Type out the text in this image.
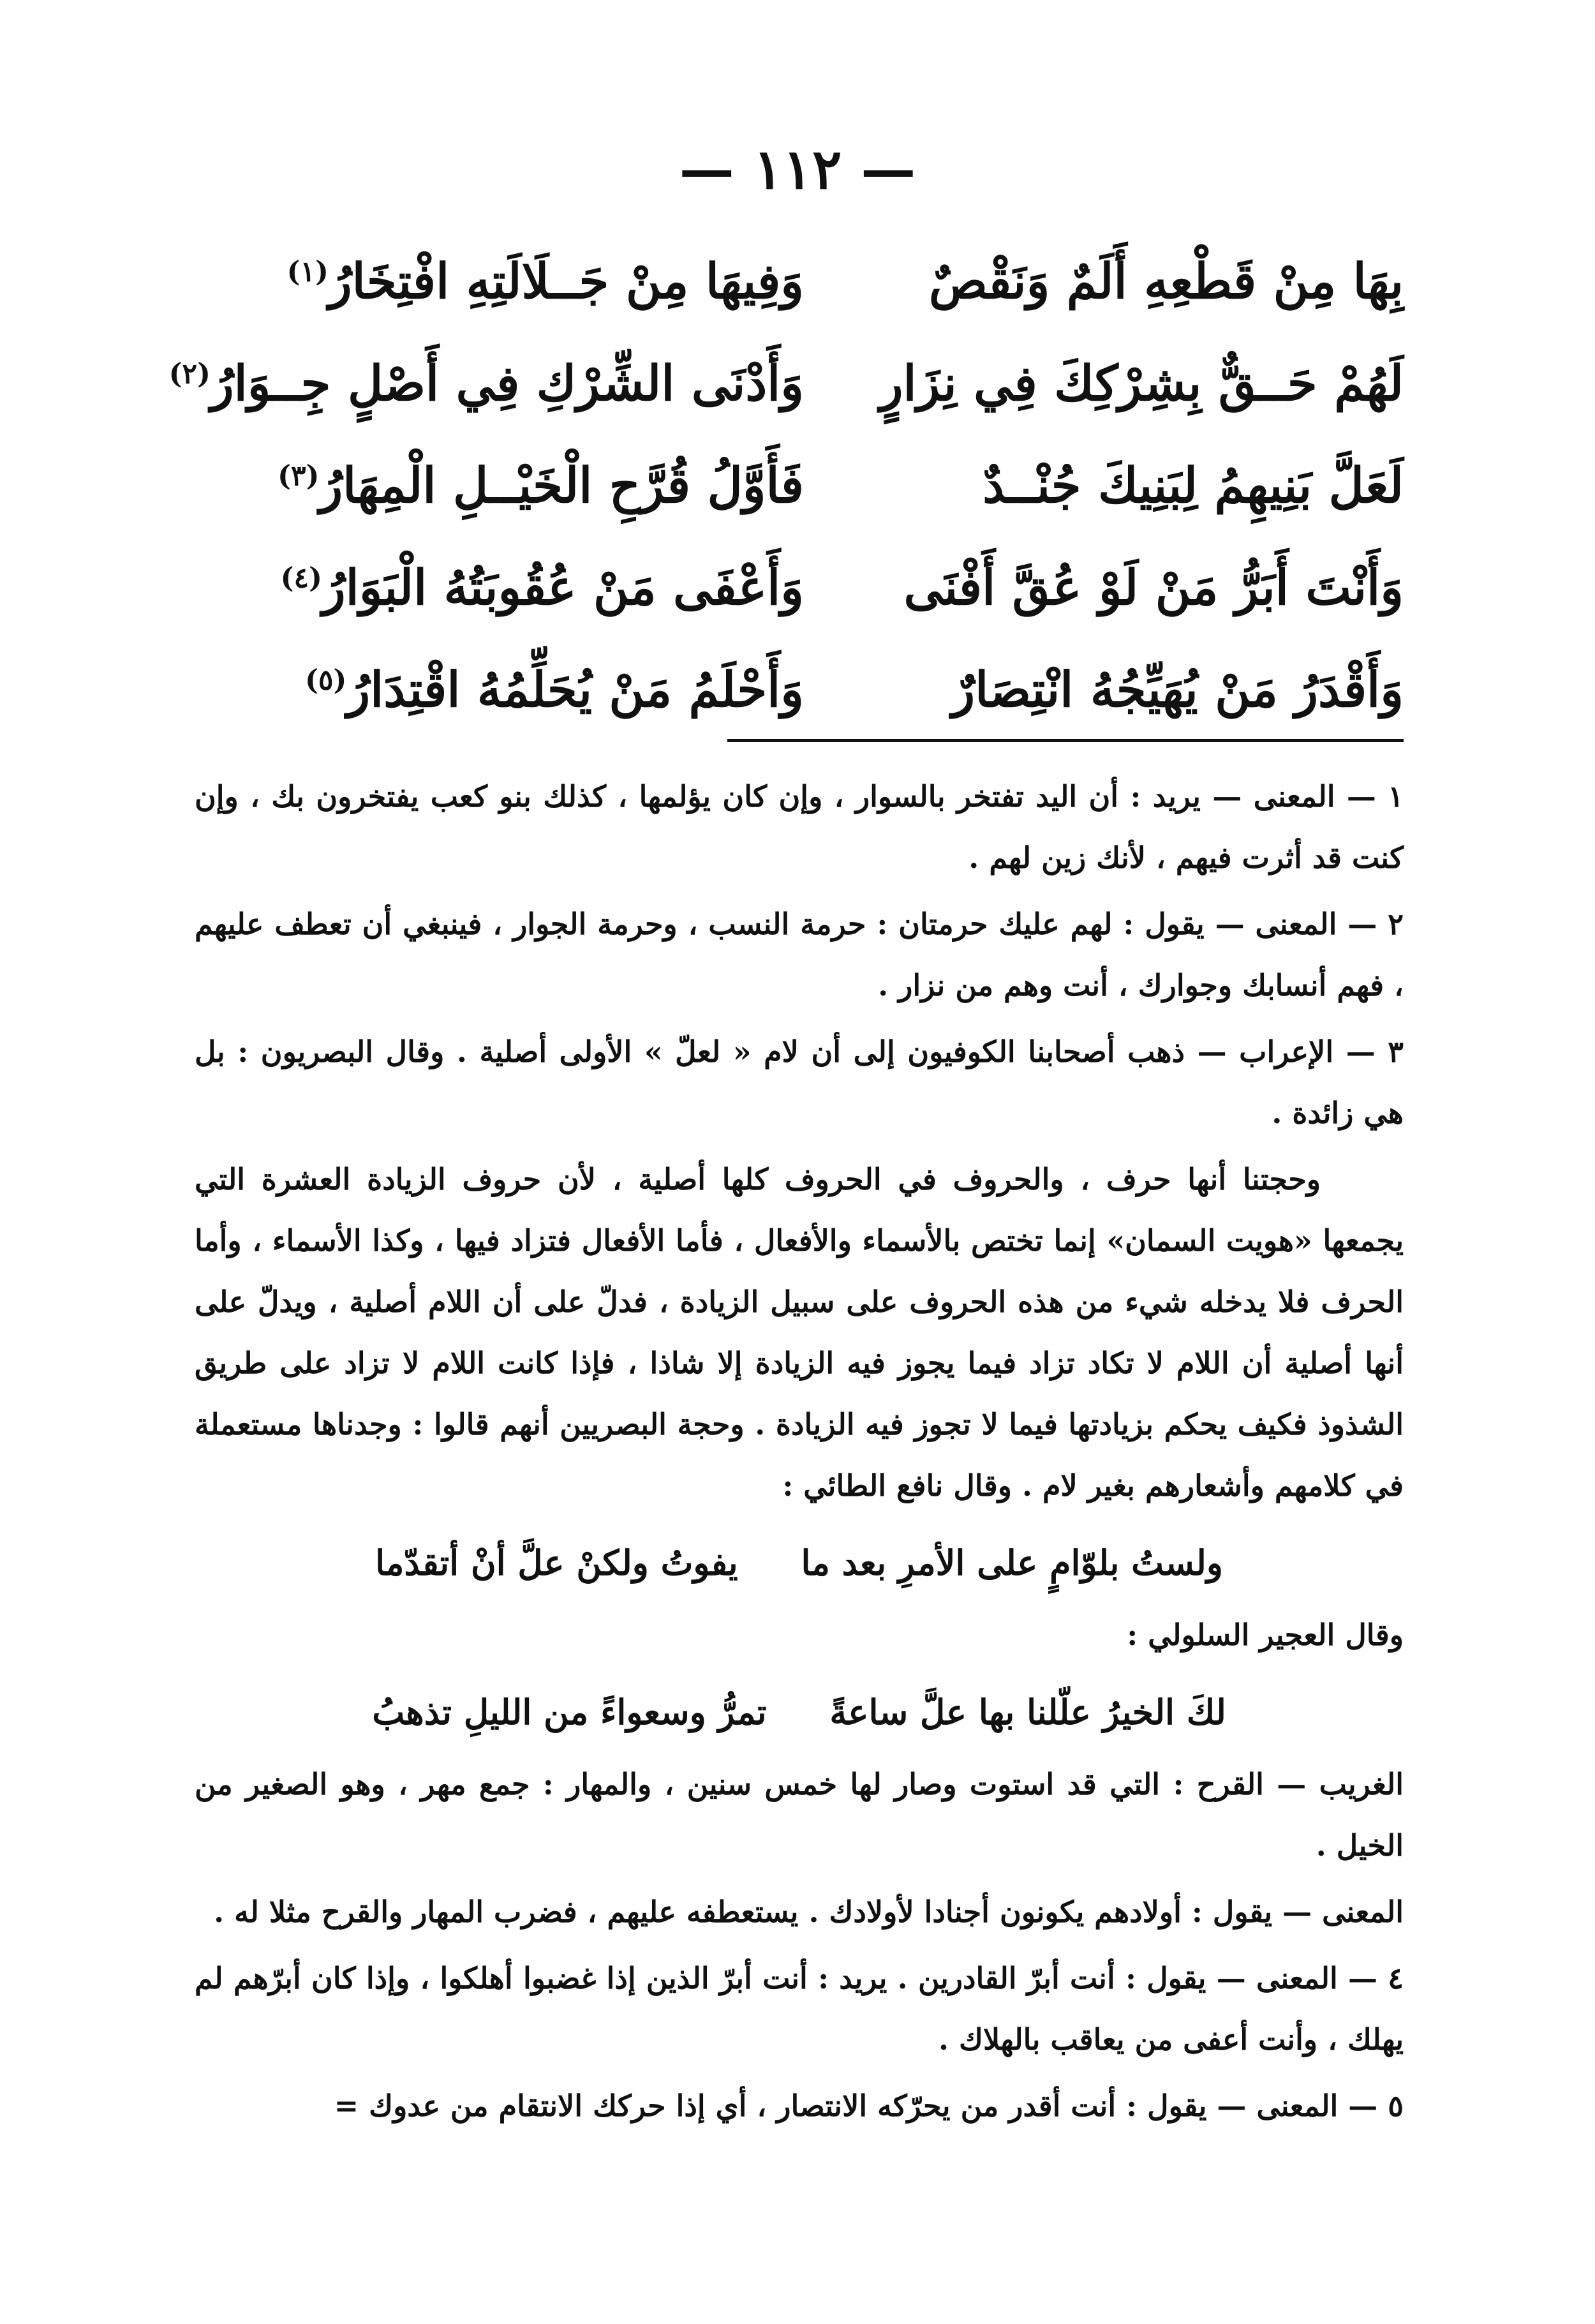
— ١١٢ —
بِهَا مِنْ قَطْعِهِ أَلَمٌ وَنَقْصٌ
وَفِيهَا مِنْ جَــلَالَتِهِ افْتِخَارُ$^{(١)}$
لَهُمْ حَــقٌّ بِشِرْكِكَ فِي نِزَارٍ
وَأَدْنَى الشِّرْكِ فِي أَصْلٍ جِــوَارُ$^{(٢)}$
لَعَلَّ بَنِيهِمُ لِبَنِيكَ جُنْــدٌ
فَأَوَّلُ قُرَّحِ الْخَيْــلِ الْمِهَارُ$^{(٣)}$
وَأَنْتَ أَبَرُّ مَنْ لَوْ عُقَّ أَفْنَى
وَأَعْفَى مَنْ عُقُوبَتُهُ الْبَوَارُ$^{(٤)}$
وَأَقْدَرُ مَنْ يُهَيِّجُهُ انْتِصَارٌ
وَأَحْلَمُ مَنْ يُحَلِّمُهُ اقْتِدَارُ$^{(٥)}$

١ — المعنى — يريد : أن اليد تفتخر بالسوار ، وإن كان يؤلمها ، كذلك بنو كعب يفتخرون بك ، وإن كنت قد أثرت فيهم ، لأنك زين لهم .

٢ — المعنى — يقول : لهم عليك حرمتان : حرمة النسب ، وحرمة الجوار ، فينبغي أن تعطف عليهم ، فهم أنسابك وجوارك ، أنت وهم من نزار .

٣ — الإعراب — ذهب أصحابنا الكوفيون إلى أن لام « لعلّ » الأولى أصلية . وقال البصريون : بل هي زائدة .

وحجتنا أنها حرف ، والحروف في الحروف كلها أصلية ، لأن حروف الزيادة العشرة التي يجمعها «هويت السمان» إنما تختص بالأسماء والأفعال ، فأما الأفعال فتزاد فيها ، وكذا الأسماء ، وأما الحرف فلا يدخله شيء من هذه الحروف على سبيل الزيادة ، فدلّ على أن اللام أصلية ، ويدلّ على أنها أصلية أن اللام لا تكاد تزاد فيما يجوز فيه الزيادة إلا شاذا ، فإذا كانت اللام لا تزاد على طريق الشذوذ فكيف يحكم بزيادتها فيما لا تجوز فيه الزيادة . وحجة البصريين أنهم قالوا : وجدناها مستعملة في كلامهم وأشعارهم بغير لام . وقال نافع الطائي :

ولستُ بلوّامٍ على الأمرِ بعد ما يفوتُ ولكنْ علَّ أنْ أتقدّما

وقال العجير السلولي :

لكَ الخيرُ علّلنا بها علَّ ساعةً تمرُّ وسعواءً من الليلِ تذهبُ

الغريب — القرح : التي قد استوت وصار لها خمس سنين ، والمهار : جمع مهر ، وهو الصغير من الخيل .

المعنى — يقول : أولادهم يكونون أجنادا لأولادك . يستعطفه عليهم ، فضرب المهار والقرح مثلا له .

٤ — المعنى — يقول : أنت أبرّ القادرين . يريد : أنت أبرّ الذين إذا غضبوا أهلكوا ، وإذا كان أبرّهم لم يهلك ، وأنت أعفى من يعاقب بالهلاك .

٥ — المعنى — يقول : أنت أقدر من يحرّكه الانتصار ، أي إذا حركك الانتقام من عدوك =
